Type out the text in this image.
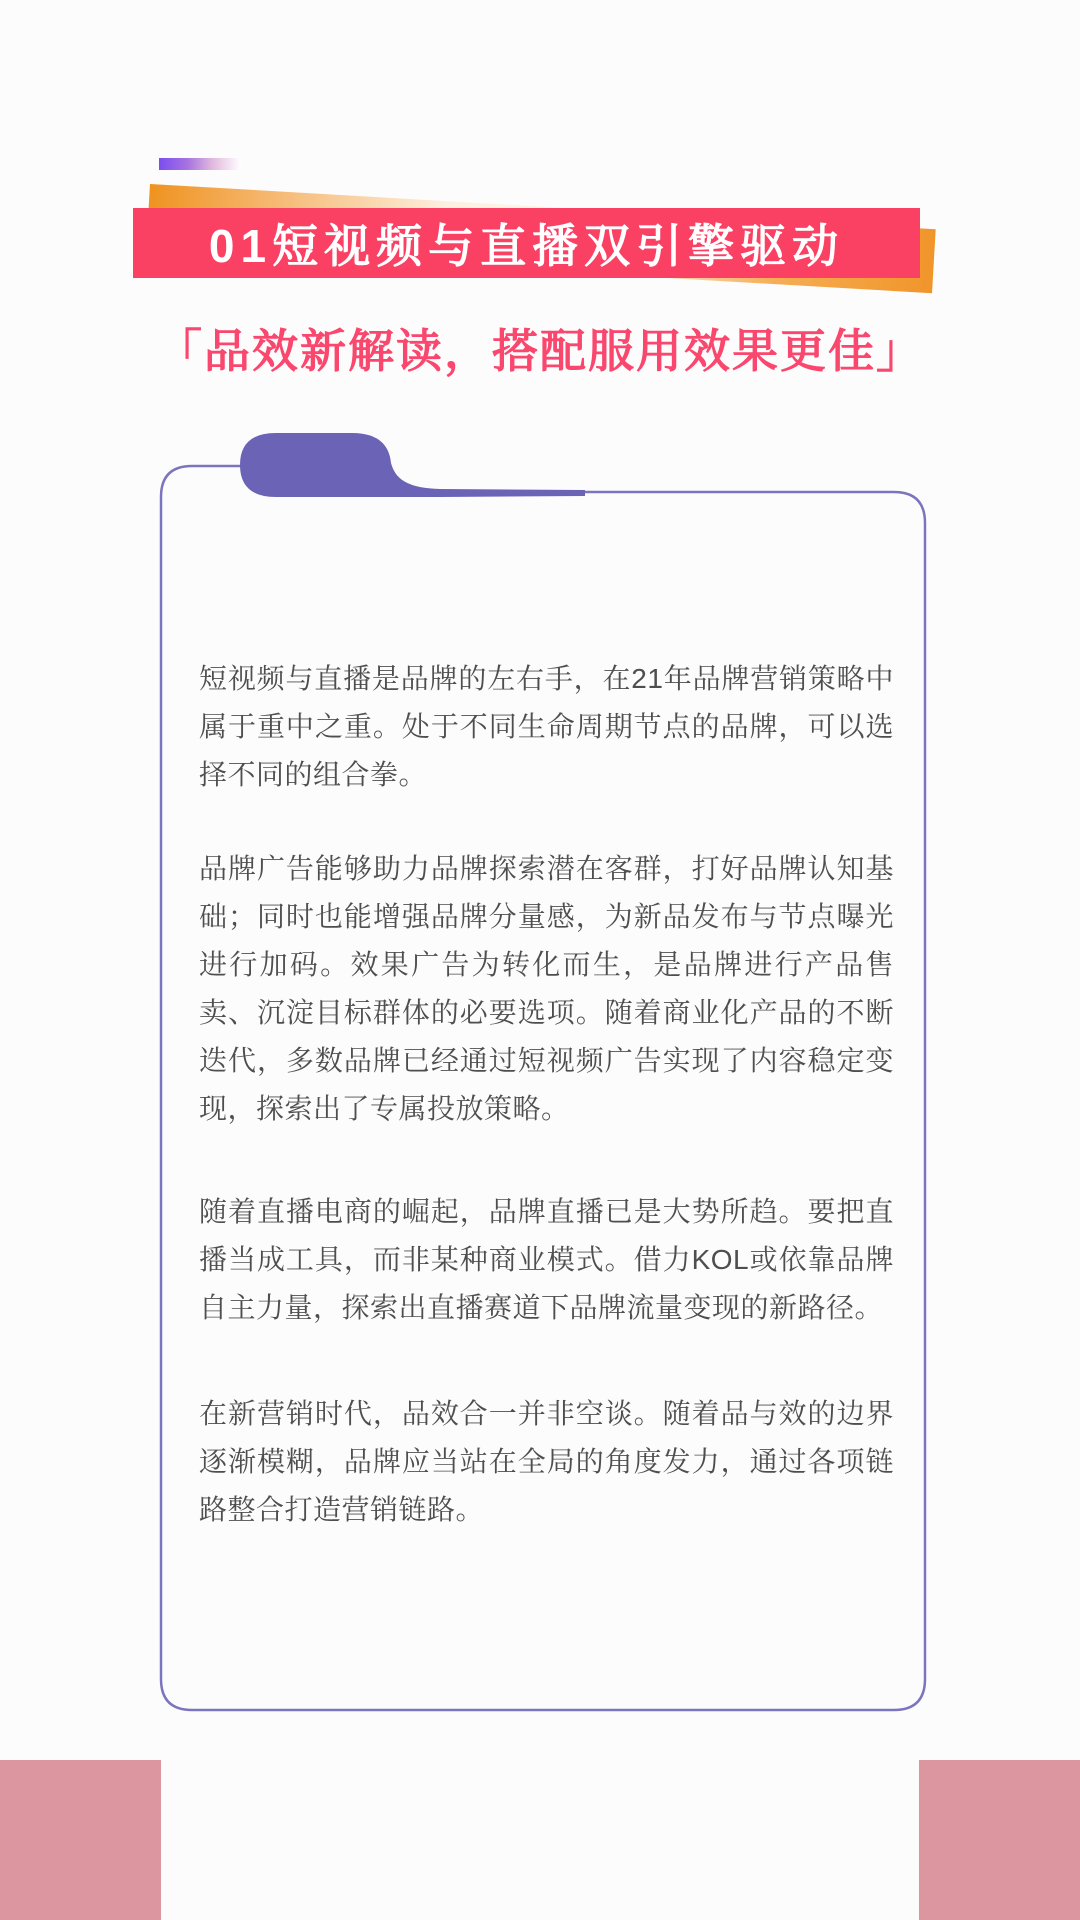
01短视频与直播双引擎驱动
「品效新解读，搭配服用效果更佳」

短视频与直播是品牌的左右手，在21年品牌营销策略中属于重中之重。处于不同生命周期节点的品牌，可以选择不同的组合拳。

品牌广告能够助力品牌探索潜在客群，打好品牌认知基础；同时也能增强品牌分量感，为新品发布与节点曝光进行加码。效果广告为转化而生，是品牌进行产品售卖、沉淀目标群体的必要选项。随着商业化产品的不断迭代，多数品牌已经通过短视频广告实现了内容稳定变现，探索出了专属投放策略。

随着直播电商的崛起，品牌直播已是大势所趋。要把直播当成工具，而非某种商业模式。借力KOL或依靠品牌自主力量，探索出直播赛道下品牌流量变现的新路径。

在新营销时代，品效合一并非空谈。随着品与效的边界逐渐模糊，品牌应当站在全局的角度发力，通过各项链路整合打造营销链路。
